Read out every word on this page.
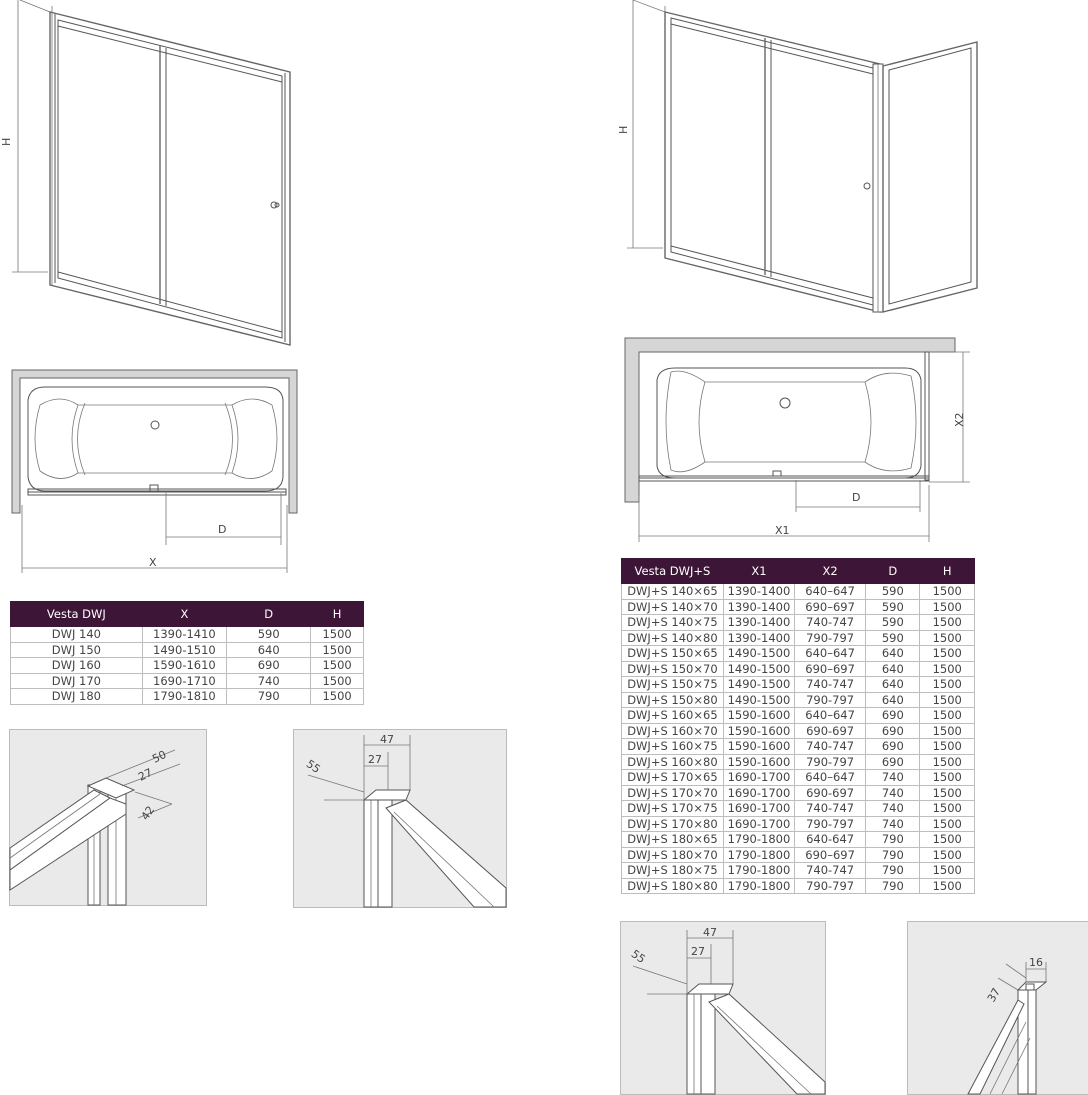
H
D
X
Vesta DWJ	X	D	H
DWJ 140	1390-1410	590	1500
DWJ 150	1490-1510	640	1500
DWJ 160	1590-1610	690	1500
DWJ 170	1690-1710	740	1500
DWJ 180	1790-1810	790	1500
50
27
42
47
27
55
H
X2
D
X1
Vesta DWJ+S	X1	X2	D	H
DWJ+S 140×65	1390-1400	640–647	590	1500
DWJ+S 140×70	1390-1400	690–697	590	1500
DWJ+S 140×75	1390-1400	740-747	590	1500
DWJ+S 140×80	1390-1400	790-797	590	1500
DWJ+S 150×65	1490-1500	640–647	640	1500
DWJ+S 150×70	1490-1500	690–697	640	1500
DWJ+S 150×75	1490-1500	740-747	640	1500
DWJ+S 150×80	1490-1500	790-797	640	1500
DWJ+S 160×65	1590-1600	640–647	690	1500
DWJ+S 160×70	1590-1600	690-697	690	1500
DWJ+S 160×75	1590-1600	740-747	690	1500
DWJ+S 160×80	1590-1600	790-797	690	1500
DWJ+S 170×65	1690-1700	640–647	740	1500
DWJ+S 170×70	1690-1700	690-697	740	1500
DWJ+S 170×75	1690-1700	740-747	740	1500
DWJ+S 170×80	1690-1700	790-797	740	1500
DWJ+S 180×65	1790-1800	640-647	790	1500
DWJ+S 180×70	1790-1800	690–697	790	1500
DWJ+S 180×75	1790-1800	740-747	790	1500
DWJ+S 180×80	1790-1800	790-797	790	1500
47
27
55	16
37
